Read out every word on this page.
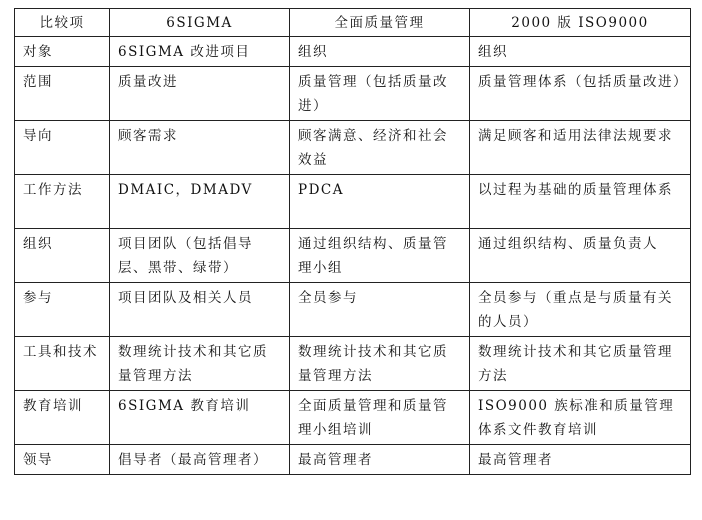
比较项	6SIGMA	全面质量管理	2000 版 ISO9000
对象	6SIGMA 改进项目	组织	组织
范围	质量改进	质量管理（包括质量改进）	质量管理体系（包括质量改进）
导向	顾客需求	顾客满意、经济和社会效益	满足顾客和适用法律法规要求
工作方法	DMAIC，DMADV	PDCA	以过程为基础的质量管理体系
组织	项目团队（包括倡导层、黑带、绿带）	通过组织结构、质量管理小组	通过组织结构、质量负责人
参与	项目团队及相关人员	全员参与	全员参与（重点是与质量有关的人员）
工具和技术	数理统计技术和其它质量管理方法	数理统计技术和其它质量管理方法	数理统计技术和其它质量管理方法
教育培训	6SIGMA 教育培训	全面质量管理和质量管理小组培训	ISO9000 族标准和质量管理体系文件教育培训
领导	倡导者（最高管理者）	最高管理者	最高管理者
